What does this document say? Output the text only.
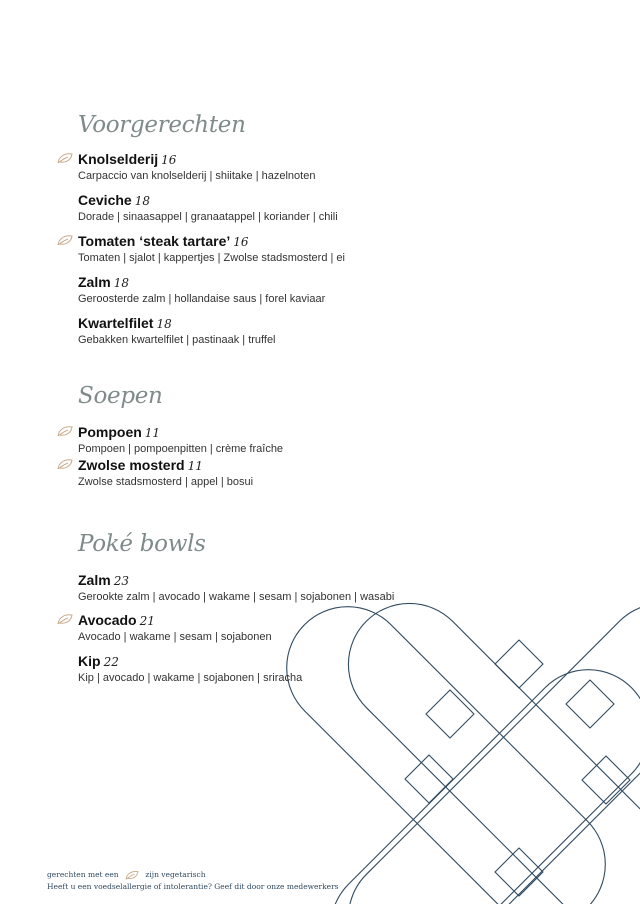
Voorgerechten
Knolselderij 16
Carpaccio van knolselderij | shiitake | hazelnoten
Ceviche 18
Dorade | sinaasappel | granaatappel | koriander | chili
Tomaten ‘steak tartare’ 16
Tomaten | sjalot | kappertjes | Zwolse stadsmosterd | ei
Zalm 18
Geroosterde zalm | hollandaise saus | forel kaviaar
Kwartelfilet 18
Gebakken kwartelfilet | pastinaak | truffel
Soepen
Pompoen 11
Pompoen | pompoenpitten | crème fraîche
Zwolse mosterd 11
Zwolse stadsmosterd | appel | bosui
Poké bowls
Zalm 23
Gerookte zalm | avocado | wakame | sesam | sojabonen | wasabi
Avocado 21
Avocado | wakame | sesam | sojabonen
Kip 22
Kip | avocado | wakame | sojabonen | sriracha
gerechten met een	zijn vegetarisch
Heeft u een voedselallergie of intolerantie? Geef dit door onze medewerkers
